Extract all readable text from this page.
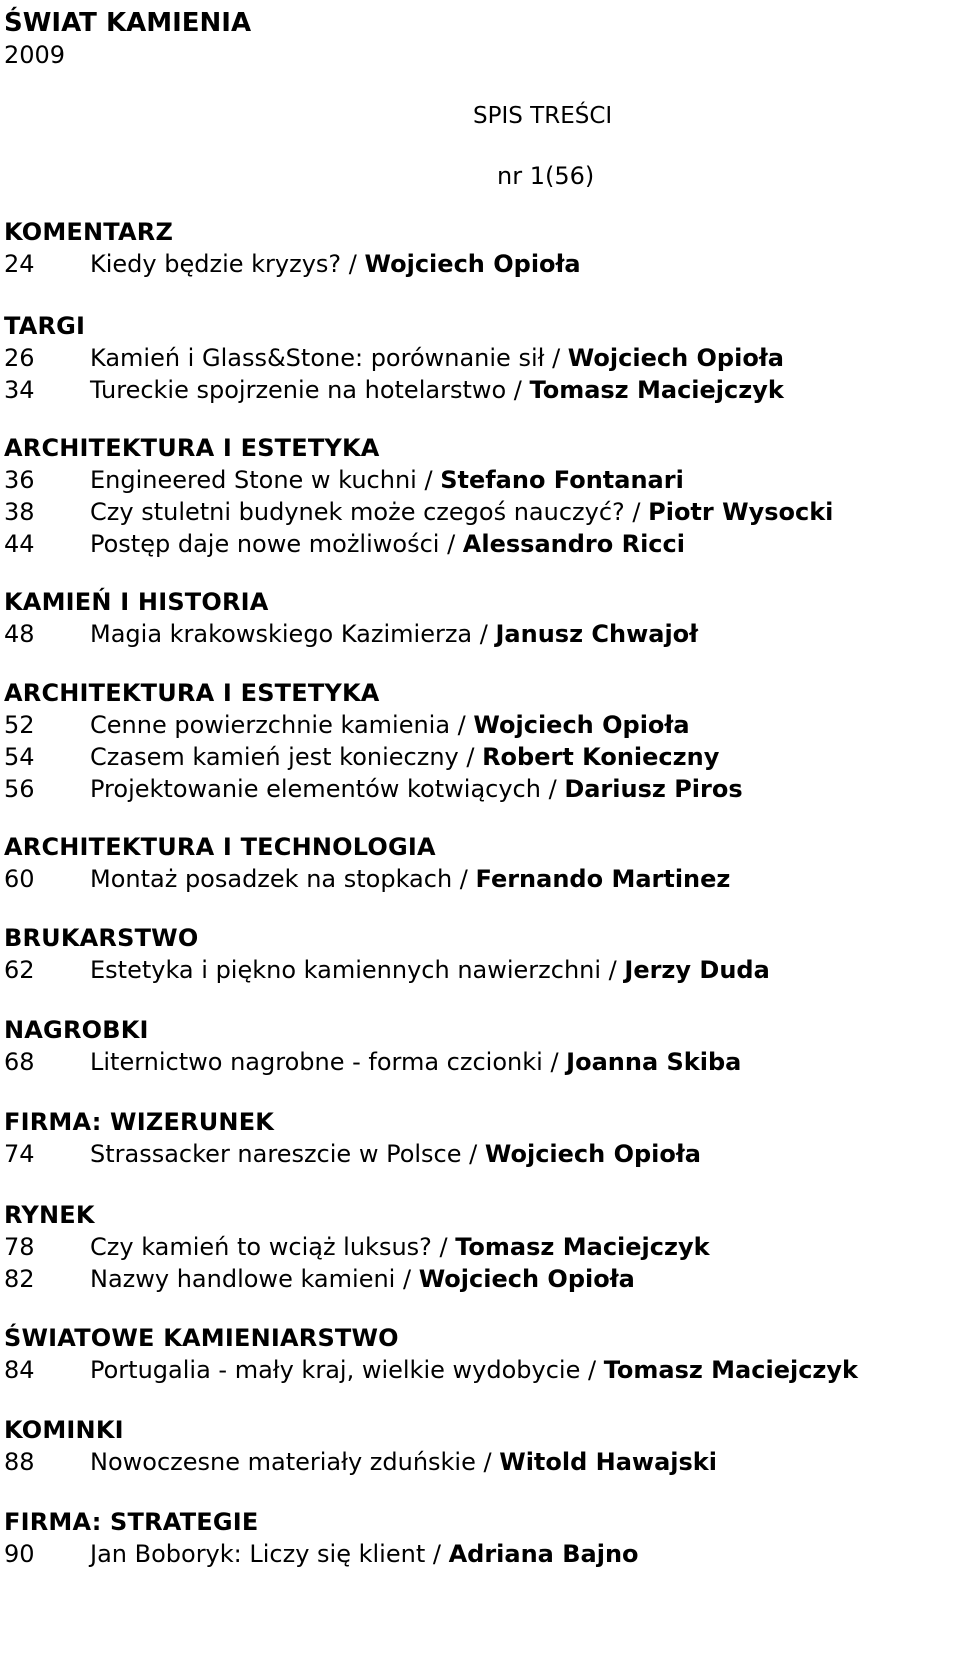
ŚWIAT KAMIENIA
2009
SPIS TREŚCI
nr 1(56)
KOMENTARZ
24 Kiedy będzie kryzys? / Wojciech Opioła
TARGI
26 Kamień i Glass&Stone: porównanie sił / Wojciech Opioła
34 Tureckie spojrzenie na hotelarstwo / Tomasz Maciejczyk
ARCHITEKTURA I ESTETYKA
36 Engineered Stone w kuchni / Stefano Fontanari
38 Czy stuletni budynek może czegoś nauczyć? / Piotr Wysocki
44 Postęp daje nowe możliwości / Alessandro Ricci
KAMIEŃ I HISTORIA
48 Magia krakowskiego Kazimierza / Janusz Chwajoł
ARCHITEKTURA I ESTETYKA
52 Cenne powierzchnie kamienia / Wojciech Opioła
54 Czasem kamień jest konieczny / Robert Konieczny
56 Projektowanie elementów kotwiących / Dariusz Piros
ARCHITEKTURA I TECHNOLOGIA
60 Montaż posadzek na stopkach / Fernando Martinez
BRUKARSTWO
62 Estetyka i piękno kamiennych nawierzchni / Jerzy Duda
NAGROBKI
68 Liternictwo nagrobne - forma czcionki / Joanna Skiba
FIRMA: WIZERUNEK
74 Strassacker nareszcie w Polsce / Wojciech Opioła
RYNEK
78 Czy kamień to wciąż luksus? / Tomasz Maciejczyk
82 Nazwy handlowe kamieni / Wojciech Opioła
ŚWIATOWE KAMIENIARSTWO
84 Portugalia - mały kraj, wielkie wydobycie / Tomasz Maciejczyk
KOMINKI
88 Nowoczesne materiały zduńskie / Witold Hawajski
FIRMA: STRATEGIE
90 Jan Boboryk: Liczy się klient / Adriana Bajno
